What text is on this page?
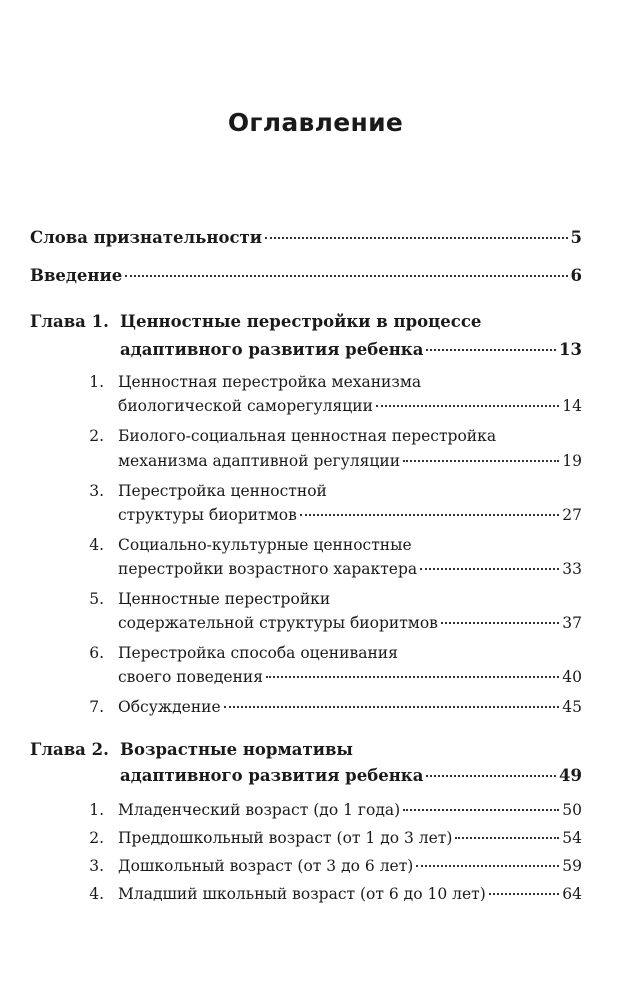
Оглавление
Слова признательности	5
Введение	6
Глава 1. Ценностные перестройки в процессе
адаптивного развития ребенка	13
1. Ценностная перестройка механизма
биологической саморегуляции	14
2. Биолого-социальная ценностная перестройка
механизма адаптивной регуляции	19
3. Перестройка ценностной
структуры биоритмов	27
4. Социально-культурные ценностные
перестройки возрастного характера	33
5. Ценностные перестройки
содержательной структуры биоритмов	37
6. Перестройка способа оценивания
своего поведения	40
7. Обсуждение	45
Глава 2. Возрастные нормативы
адаптивного развития ребенка	49
1. Младенческий возраст (до 1 года)	50
2. Преддошкольный возраст (от 1 до 3 лет)	54
3. Дошкольный возраст (от 3 до 6 лет)	59
4. Младший школьный возраст (от 6 до 10 лет)	64
